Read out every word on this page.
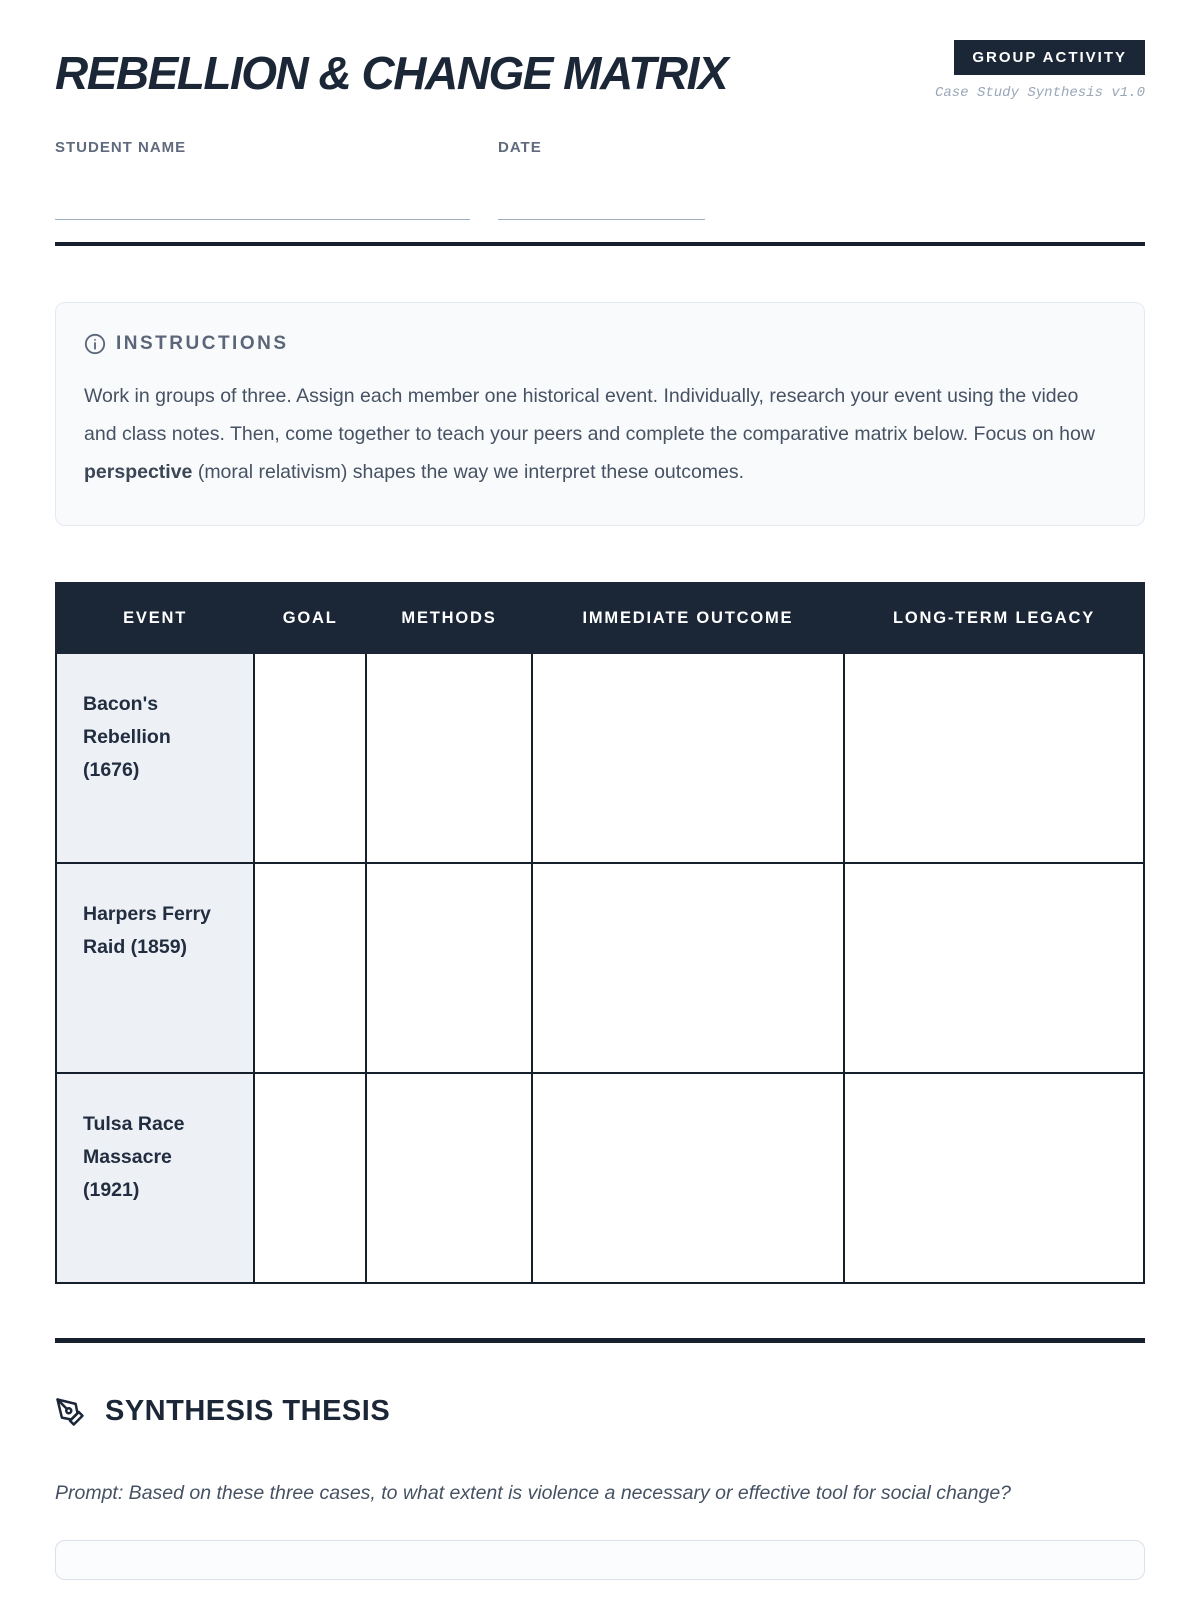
REBELLION & CHANGE MATRIX	GROUP ACTIVITY
Case Study Synthesis v1.0
STUDENT NAME	DATE
INSTRUCTIONS

Work in groups of three. Assign each member one historical event. Individually, research your event using the video and class notes. Then, come together to teach your peers and complete the comparative matrix below. Focus on how perspective (moral relativism) shapes the way we interpret these outcomes.

EVENT	GOAL	METHODS	IMMEDIATE OUTCOME	LONG-TERM LEGACY
Bacon's Rebellion (1676)				
Harpers Ferry Raid (1859)				
Tulsa Race Massacre (1921)				
SYNTHESIS THESIS

Prompt: Based on these three cases, to what extent is violence a necessary or effective tool for social change?
